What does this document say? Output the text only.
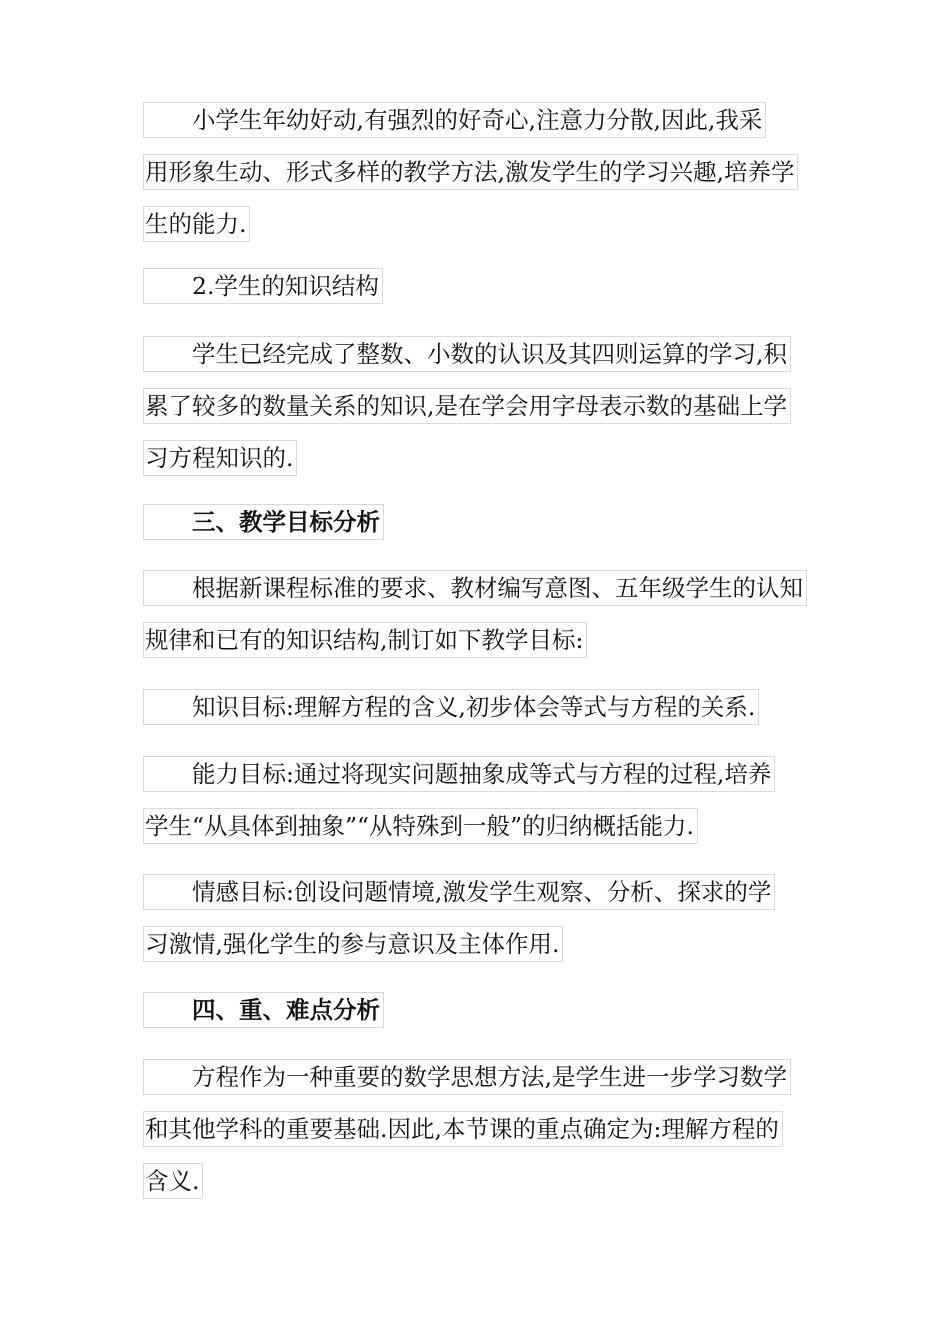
小学生年幼好动,有强烈的好奇心,注意力分散,因此,我采
用形象生动、形式多样的教学方法,激发学生的学习兴趣,培养学
生的能力.
2.学生的知识结构
学生已经完成了整数、小数的认识及其四则运算的学习,积
累了较多的数量关系的知识,是在学会用字母表示数的基础上学
习方程知识的.
三、教学目标分析
根据新课程标准的要求、教材编写意图、五年级学生的认知
规律和已有的知识结构,制订如下教学目标:
知识目标:理解方程的含义,初步体会等式与方程的关系.
能力目标:通过将现实问题抽象成等式与方程的过程,培养
学生“从具体到抽象”“从特殊到一般”的归纳概括能力.
情感目标:创设问题情境,激发学生观察、分析、探求的学
习激情,强化学生的参与意识及主体作用.
四、重、难点分析
方程作为一种重要的数学思想方法,是学生进一步学习数学
和其他学科的重要基础.因此,本节课的重点确定为:理解方程的
含义.
